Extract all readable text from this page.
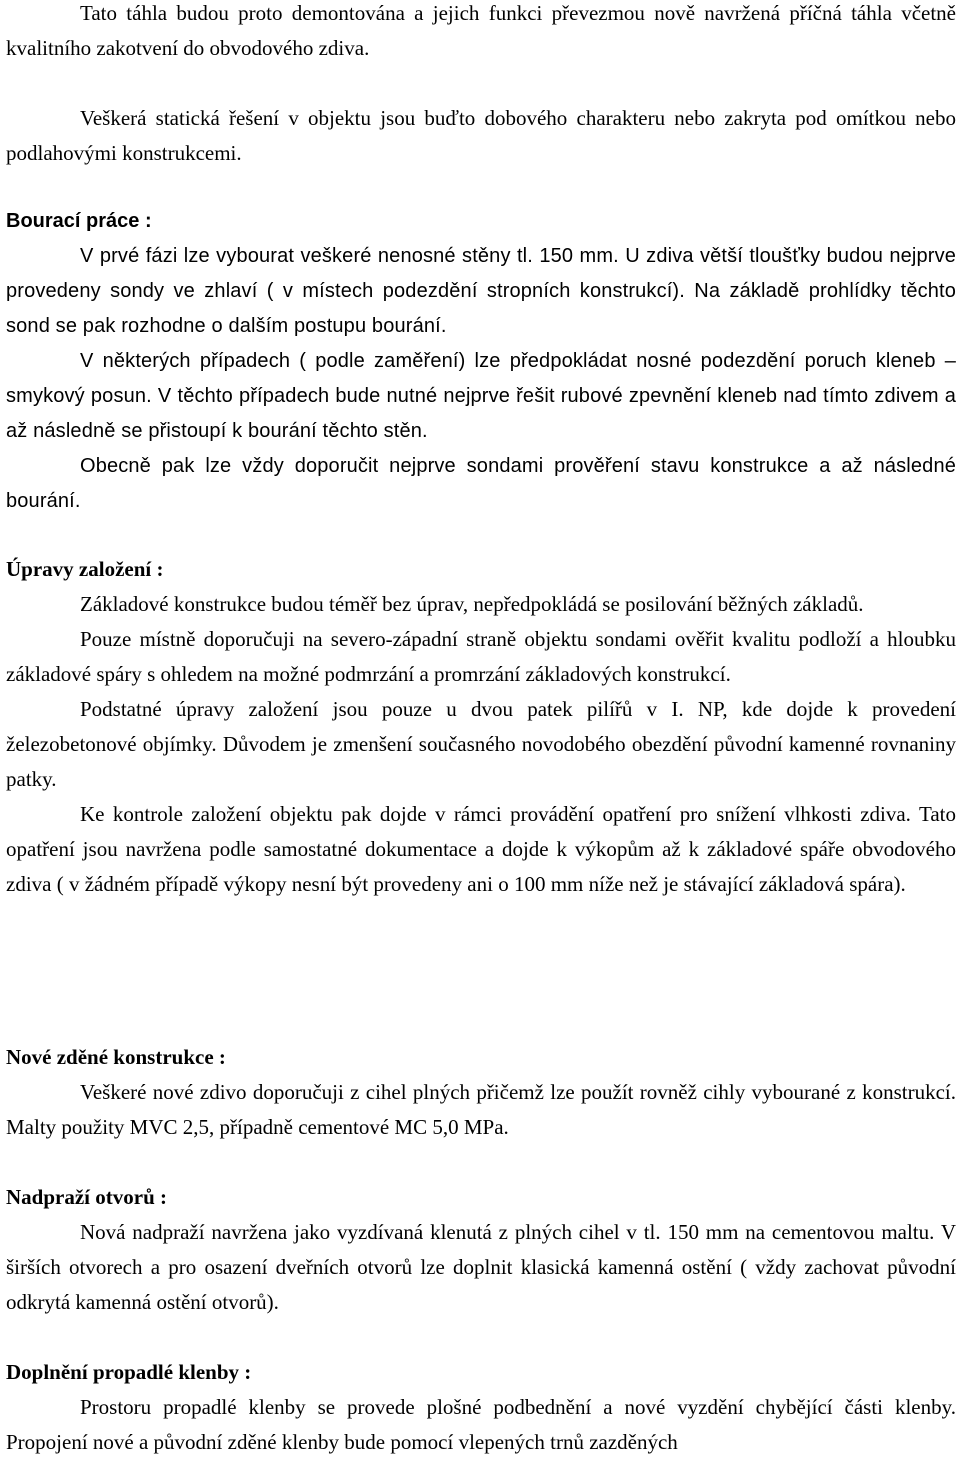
Tato táhla budou proto demontována a jejich funkci převezmou nově navržená příčná táhla včetně kvalitního zakotvení do obvodového zdiva.

Veškerá statická řešení v objektu jsou buďto dobového charakteru nebo zakryta pod omítkou nebo podlahovými konstrukcemi.

Bourací práce :

V prvé fázi lze vybourat veškeré nenosné stěny tl. 150 mm. U zdiva větší tloušťky budou nejprve provedeny sondy ve zhlaví ( v místech podezdění stropních konstrukcí). Na základě prohlídky těchto sond se pak rozhodne o dalším postupu bourání.

V některých případech ( podle zaměření) lze předpokládat nosné podezdění poruch kleneb – smykový posun. V těchto případech bude nutné nejprve řešit rubové zpevnění kleneb nad tímto zdivem a až následně se přistoupí k bourání těchto stěn.

Obecně pak lze vždy doporučit nejprve sondami prověření stavu konstrukce a až následné bourání.

Úpravy založení :

Základové konstrukce budou téměř bez úprav, nepředpokládá se posilování běžných základů.

Pouze místně doporučuji na severo-západní straně objektu sondami ověřit kvalitu podloží a hloubku základové spáry s ohledem na možné podmrzání a promrzání základových konstrukcí.

Podstatné úpravy založení jsou pouze u dvou patek pilířů v I. NP, kde dojde k provedení železobetonové objímky. Důvodem je zmenšení současného novodobého obezdění původní kamenné rovnaniny patky.

Ke kontrole založení objektu pak dojde v rámci provádění opatření pro snížení vlhkosti zdiva. Tato opatření jsou navržena podle samostatné dokumentace a dojde k výkopům až k základové spáře obvodového zdiva ( v žádném případě výkopy nesní být provedeny ani o 100 mm níže než je stávající základová spára).

Nové zděné konstrukce :

Veškeré nové zdivo doporučuji z cihel plných přičemž lze použít rovněž cihly vybourané z konstrukcí. Malty použity MVC 2,5, případně cementové MC 5,0 MPa.

Nadpraží otvorů :

Nová nadpraží navržena jako vyzdívaná klenutá z plných cihel v tl. 150 mm na cementovou maltu. V širších otvorech a pro osazení dveřních otvorů lze doplnit klasická kamenná ostění ( vždy zachovat původní odkrytá kamenná ostění otvorů).

Doplnění propadlé klenby :

Prostoru propadlé klenby se provede plošné podbednění a nové vyzdění chybějící části klenby. Propojení nové a původní zděné klenby bude pomocí vlepených trnů zazděných
